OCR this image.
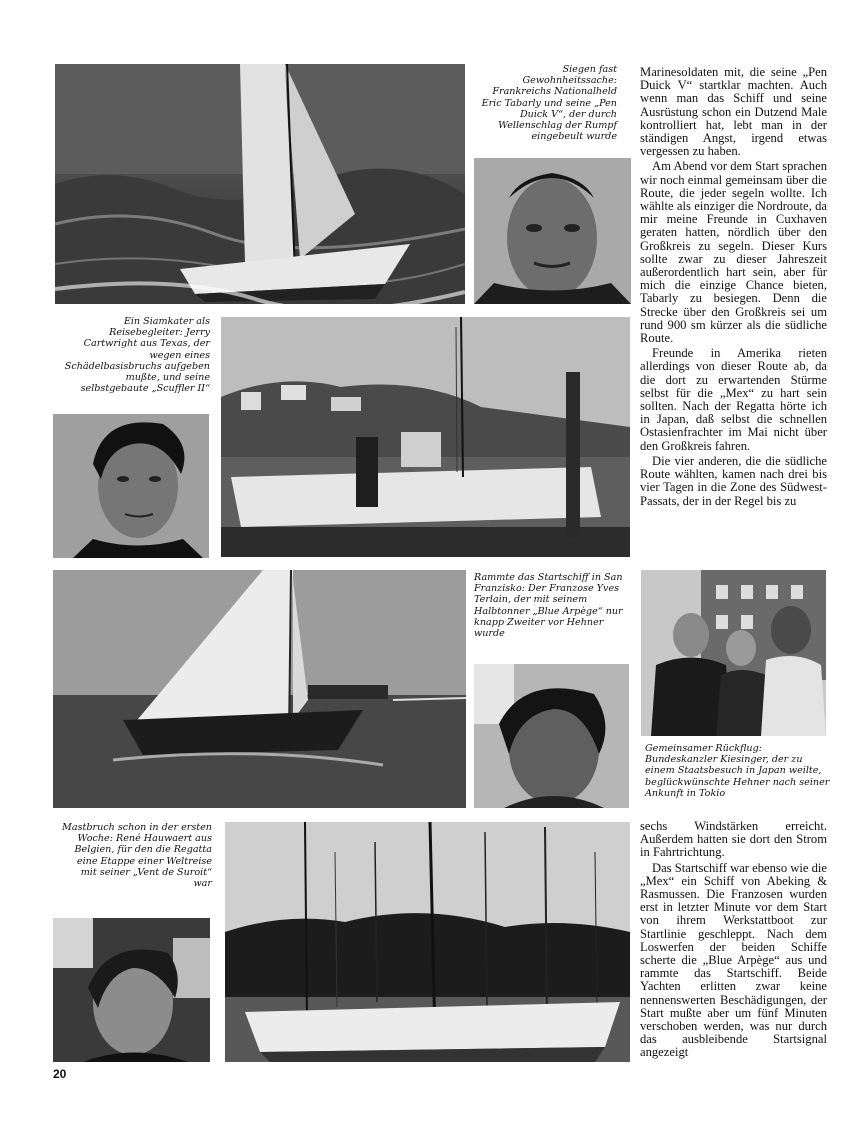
Siegen fast Gewohnheitssache: Frankreichs Nationalheld Eric Tabarly und seine „Pen Duick V“, der durch Wellenschlag der Rumpf eingebeult wurde

Marinesoldaten mit, die seine „Pen Duick V“ startklar machten. Auch wenn man das Schiff und seine Ausrüstung schon ein Dutzend Male kontrolliert hat, lebt man in der ständigen Angst, irgend etwas vergessen zu haben.

Am Abend vor dem Start sprachen wir noch einmal gemeinsam über die Route, die jeder segeln wollte. Ich wählte als einziger die Nordroute, da mir meine Freunde in Cuxhaven geraten hatten, nördlich über den Großkreis zu segeln. Dieser Kurs sollte zwar zu dieser Jahreszeit außerordentlich hart sein, aber für mich die einzige Chance bieten, Tabarly zu besiegen. Denn die Strecke über den Großkreis sei um rund 900 sm kürzer als die südliche Route.

Freunde in Amerika rieten allerdings von dieser Route ab, da die dort zu erwartenden Stürme selbst für die „Mex“ zu hart sein sollten. Nach der Regatta hörte ich in Japan, daß selbst die schnellen Ostasienfrachter im Mai nicht über den Großkreis fahren.

Die vier anderen, die die südliche Route wählten, kamen nach drei bis vier Tagen in die Zone des Südwest-Passats, der in der Regel bis zu

Ein Siamkater als Reisebegleiter: Jerry Cartwright aus Texas, der wegen eines Schädelbasisbruchs aufgeben mußte, und seine selbstgebaute „Scuffler II“

Rammte das Startschiff in San Franzisko: Der Franzose Yves Terlain, der mit seinem Halbtonner „Blue Arpège“ nur knapp Zweiter vor Hehner wurde

Gemeinsamer Rückflug: Bundeskanzler Kiesinger, der zu einem Staatsbesuch in Japan weilte, beglückwünschte Hehner nach seiner Ankunft in Tokio

Mastbruch schon in der ersten Woche: René Hauwaert aus Belgien, für den die Regatta eine Etappe einer Weltreise mit seiner „Vent de Suroit“ war

sechs Windstärken erreicht. Außerdem hatten sie dort den Strom in Fahrtrichtung.

Das Startschiff war ebenso wie die „Mex“ ein Schiff von Abeking & Rasmussen. Die Franzosen wurden erst in letzter Minute vor dem Start von ihrem Werkstattboot zur Startlinie geschleppt. Nach dem Loswerfen der beiden Schiffe scherte die „Blue Arpège“ aus und rammte das Startschiff. Beide Yachten erlitten zwar keine nennenswerten Beschädigungen, der Start mußte aber um fünf Minuten verschoben werden, was nur durch das ausbleibende Startsignal angezeigt

20
